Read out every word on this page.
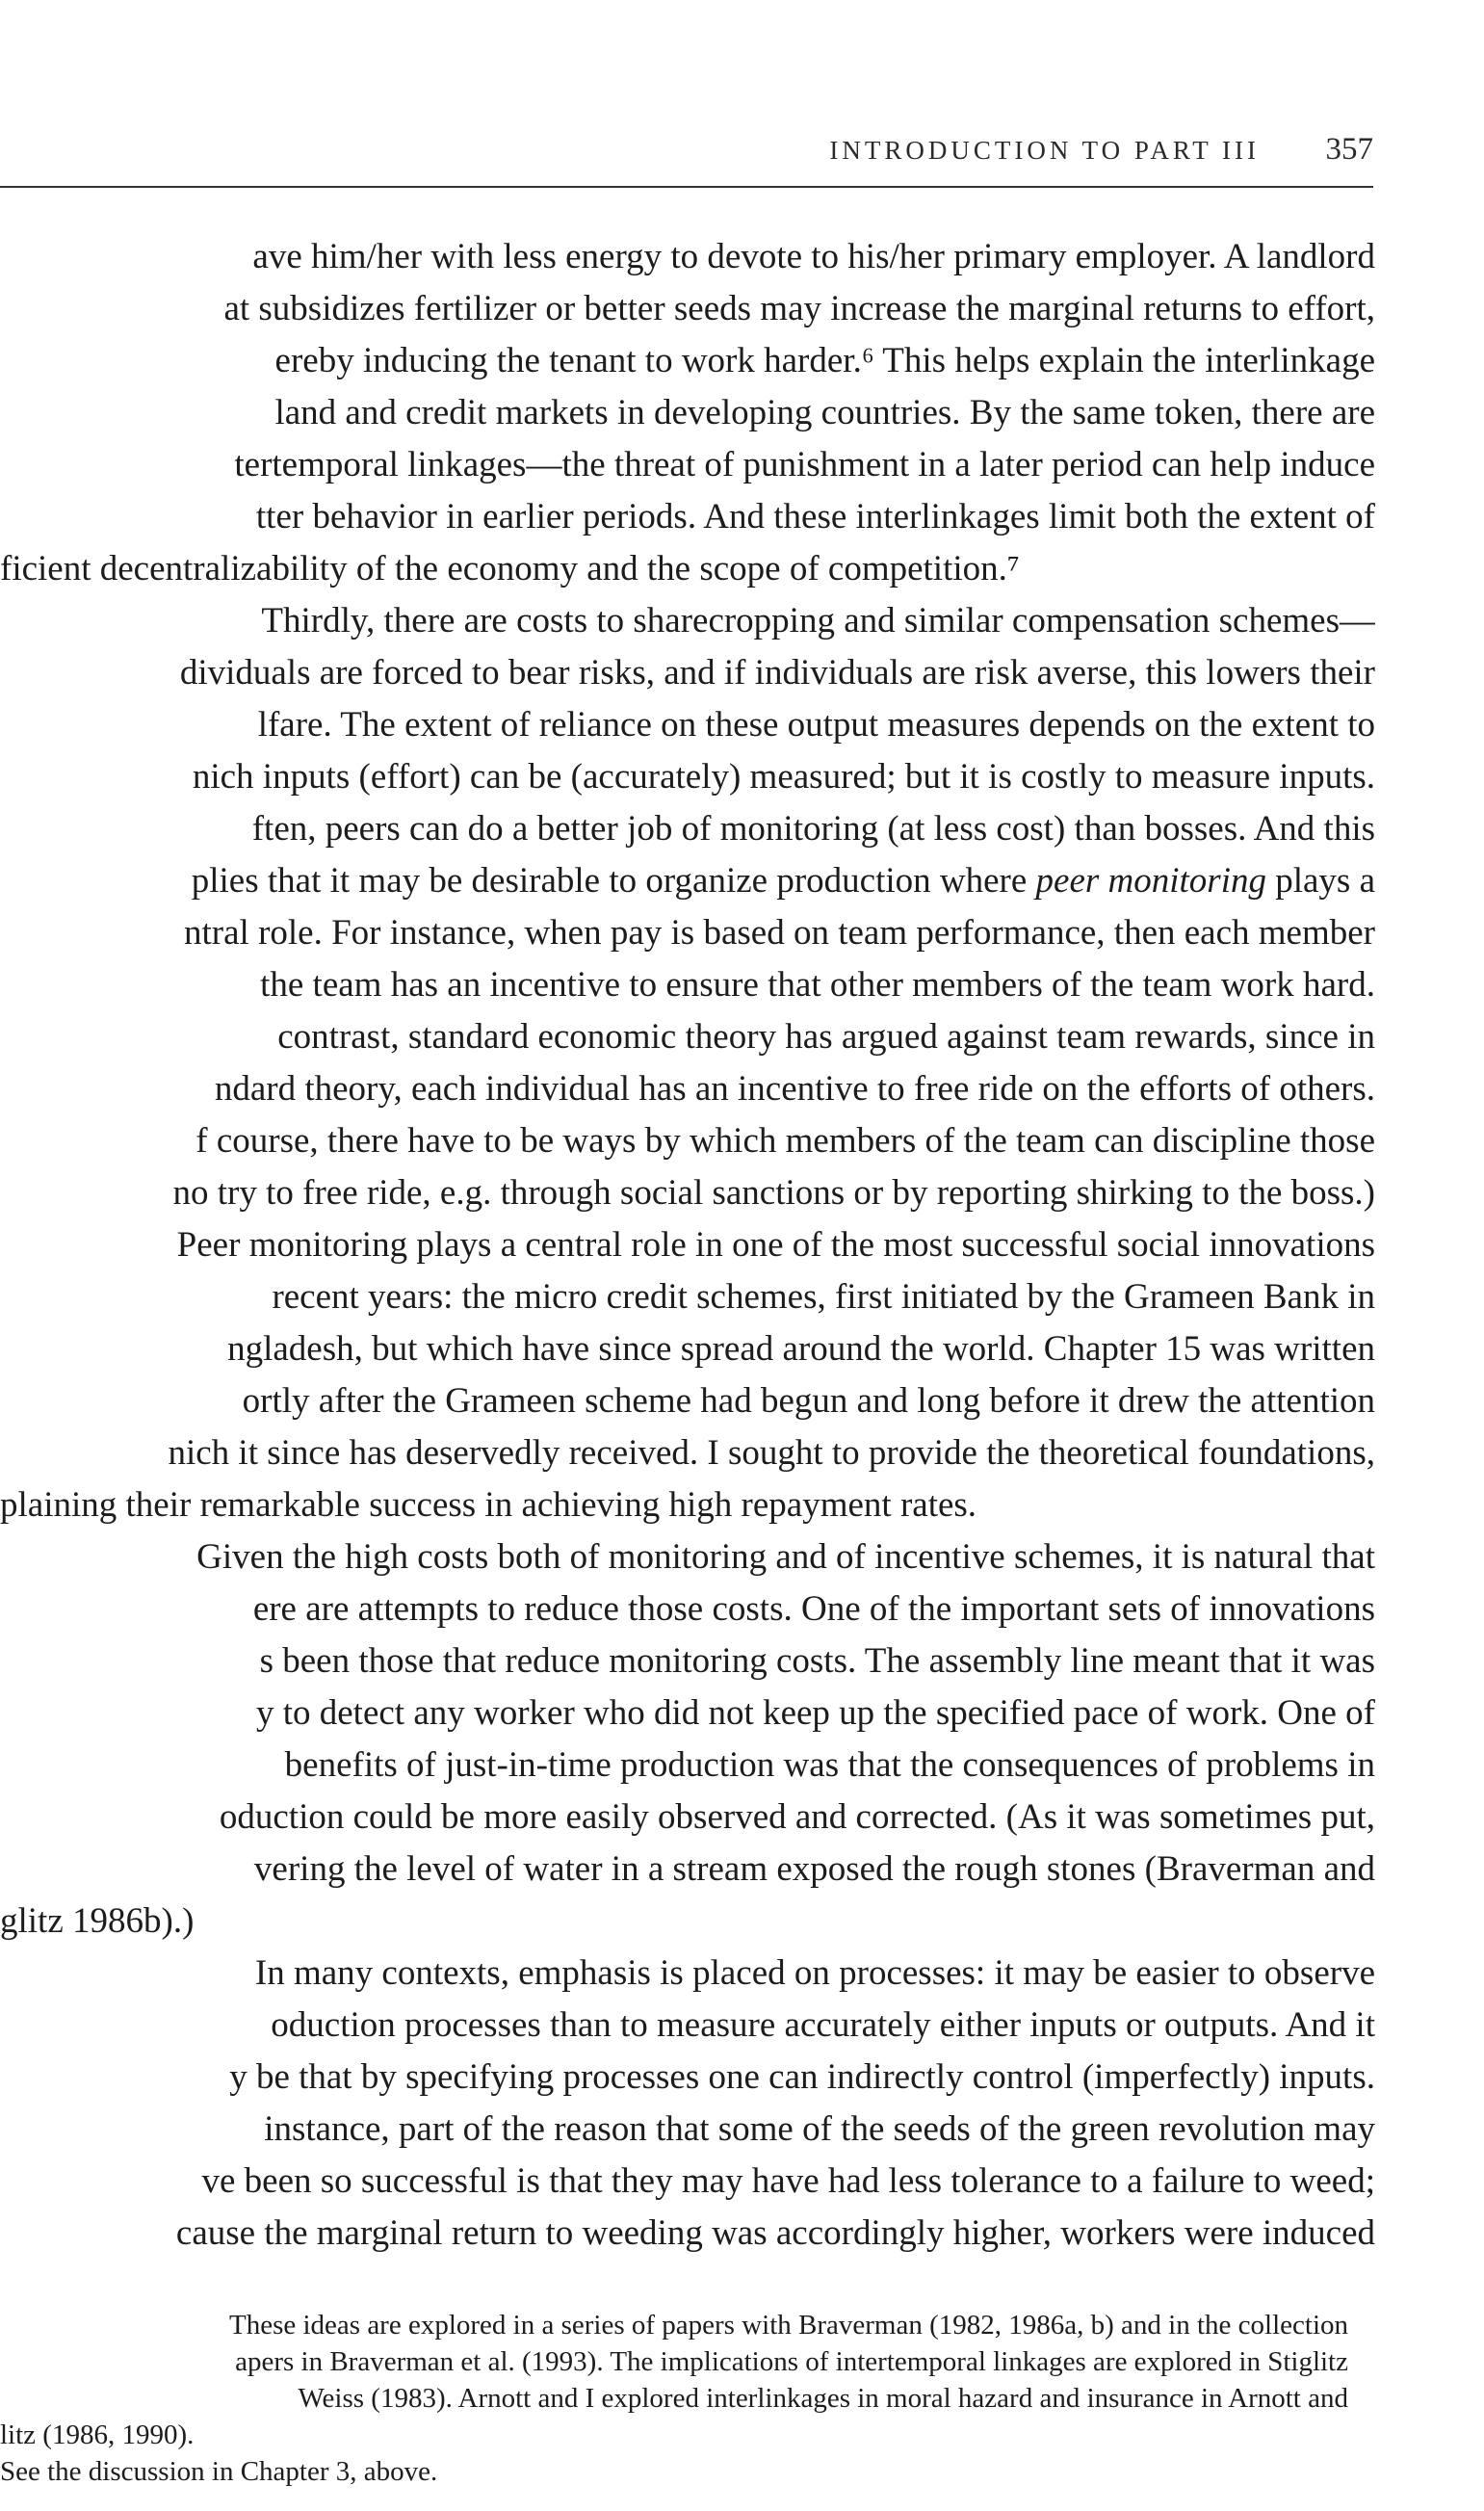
INTRODUCTION TO PART III 357
ave him/her with less energy to devote to his/her primary employer. A landlord
at subsidizes fertilizer or better seeds may increase the marginal returns to effort,
ereby inducing the tenant to work harder.⁶ This helps explain the interlinkage
land and credit markets in developing countries. By the same token, there are
tertemporal linkages—the threat of punishment in a later period can help induce
tter behavior in earlier periods. And these interlinkages limit both the extent of
ficient decentralizability of the economy and the scope of competition.⁷
Thirdly, there are costs to sharecropping and similar compensation schemes—
dividuals are forced to bear risks, and if individuals are risk averse, this lowers their
lfare. The extent of reliance on these output measures depends on the extent to
nich inputs (effort) can be (accurately) measured; but it is costly to measure inputs.
ften, peers can do a better job of monitoring (at less cost) than bosses. And this
plies that it may be desirable to organize production where peer monitoring plays a
ntral role. For instance, when pay is based on team performance, then each member
the team has an incentive to ensure that other members of the team work hard.
contrast, standard economic theory has argued against team rewards, since in
ndard theory, each individual has an incentive to free ride on the efforts of others.
f course, there have to be ways by which members of the team can discipline those
no try to free ride, e.g. through social sanctions or by reporting shirking to the boss.)
Peer monitoring plays a central role in one of the most successful social innovations
recent years: the micro credit schemes, first initiated by the Grameen Bank in
ngladesh, but which have since spread around the world. Chapter 15 was written
ortly after the Grameen scheme had begun and long before it drew the attention
nich it since has deservedly received. I sought to provide the theoretical foundations,
plaining their remarkable success in achieving high repayment rates.
Given the high costs both of monitoring and of incentive schemes, it is natural that
ere are attempts to reduce those costs. One of the important sets of innovations
s been those that reduce monitoring costs. The assembly line meant that it was
y to detect any worker who did not keep up the specified pace of work. One of
benefits of just-in-time production was that the consequences of problems in
oduction could be more easily observed and corrected. (As it was sometimes put,
vering the level of water in a stream exposed the rough stones (Braverman and
glitz 1986b).)
In many contexts, emphasis is placed on processes: it may be easier to observe
oduction processes than to measure accurately either inputs or outputs. And it
y be that by specifying processes one can indirectly control (imperfectly) inputs.
instance, part of the reason that some of the seeds of the green revolution may
ve been so successful is that they may have had less tolerance to a failure to weed;
cause the marginal return to weeding was accordingly higher, workers were induced
These ideas are explored in a series of papers with Braverman (1982, 1986a, b) and in the collection
apers in Braverman et al. (1993). The implications of intertemporal linkages are explored in Stiglitz
Weiss (1983). Arnott and I explored interlinkages in moral hazard and insurance in Arnott and
litz (1986, 1990).
See the discussion in Chapter 3, above.
